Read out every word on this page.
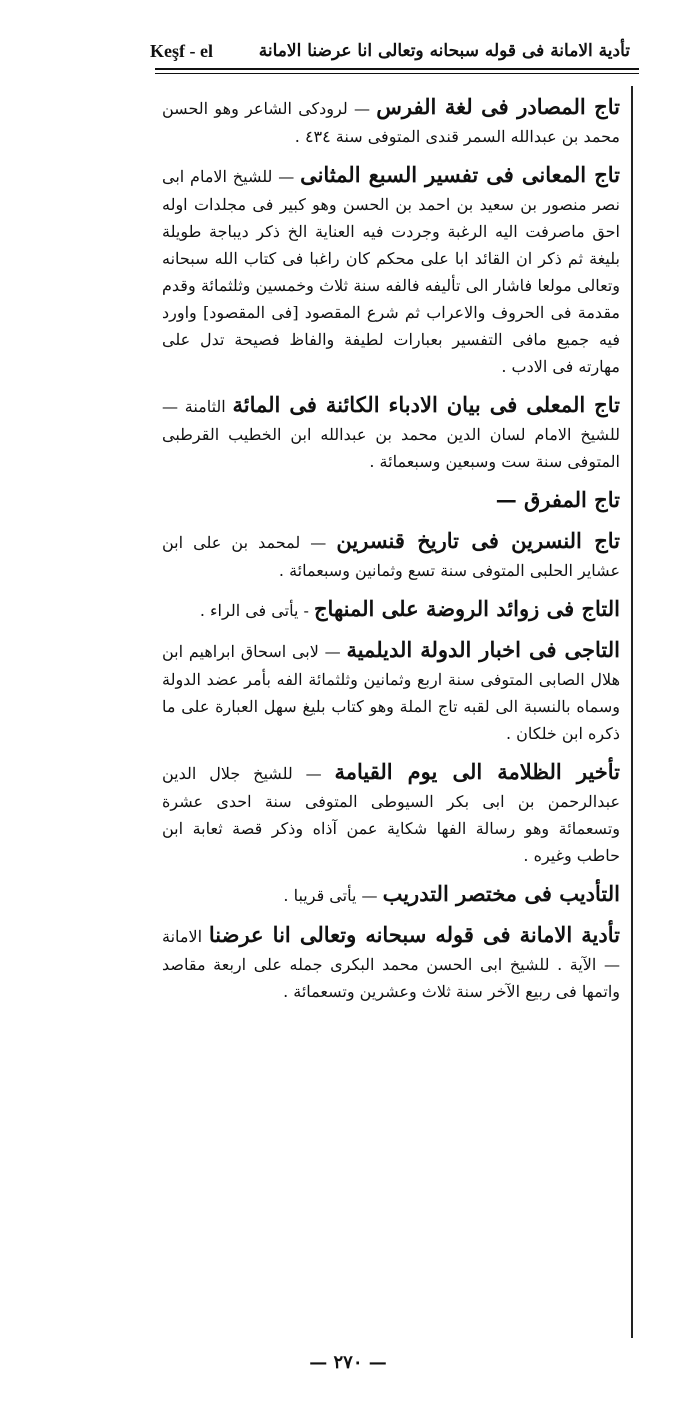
Keşf - el	تأدية الامانة فى قوله سبحانه وتعالى انا عرضنا الامانة

تاج المصادر فى لغة الفرس — لرودكى الشاعر وهو الحسن محمد بن عبدالله السمر قندى المتوفى سنة ٤٣٤ .

تاج المعانى فى تفسير السبع المثانى — للشيخ الامام ابى نصر منصور بن سعيد بن احمد بن الحسن وهو كبير فى مجلدات اوله احق ماصرفت اليه الرغبة وجردت فيه العناية الخ ذكر ديباجة طويلة بليغة ثم ذكر ان القائد ابا على محكم كان راغبا فى كتاب الله سبحانه وتعالى مولعا فاشار الى تأليفه فالفه سنة ثلاث وخمسين وثلثمائة وقدم مقدمة فى الحروف والاعراب ثم شرع المقصود [فى المقصود] واورد فيه جميع مافى التفسير بعبارات لطيفة والفاظ فصيحة تدل على مهارته فى الادب .

تاج المعلى فى بيان الادباء الكائنة فى المائة الثامنة — للشيخ الامام لسان الدين محمد بن عبدالله ابن الخطيب القرطبى المتوفى سنة ست وسبعين وسبعمائة .

تاج المفرق —

تاج النسرين فى تاريخ قنسرين — لمحمد بن على ابن عشاير الحلبى المتوفى سنة تسع وثمانين وسبعمائة .

التاج فى زوائد الروضة على المنهاج - يأتى فى الراء .

التاجى فى اخبار الدولة الديلمية — لابى اسحاق ابراهيم ابن هلال الصابى المتوفى سنة اربع وثمانين وثلثمائة الفه بأمر عضد الدولة وسماه بالنسبة الى لقبه تاج الملة وهو كتاب بليغ سهل العبارة على ما ذكره ابن خلكان .

تأخير الظلامة الى يوم القيامة — للشيخ جلال الدين عبدالرحمن بن ابى بكر السيوطى المتوفى سنة احدى عشرة وتسعمائة وهو رسالة الفها شكاية عمن آذاه وذكر قصة ثعابة ابن حاطب وغيره .

التأديب فى مختصر التدريب — يأتى قريبا .

تأدية الامانة فى قوله سبحانه وتعالى انا عرضنا الامانة — الآية . للشيخ ابى الحسن محمد البكرى جمله على اربعة مقاصد واتمها فى ربيع الآخر سنة ثلاث وعشرين وتسعمائة .

— ٢٧٠ —
